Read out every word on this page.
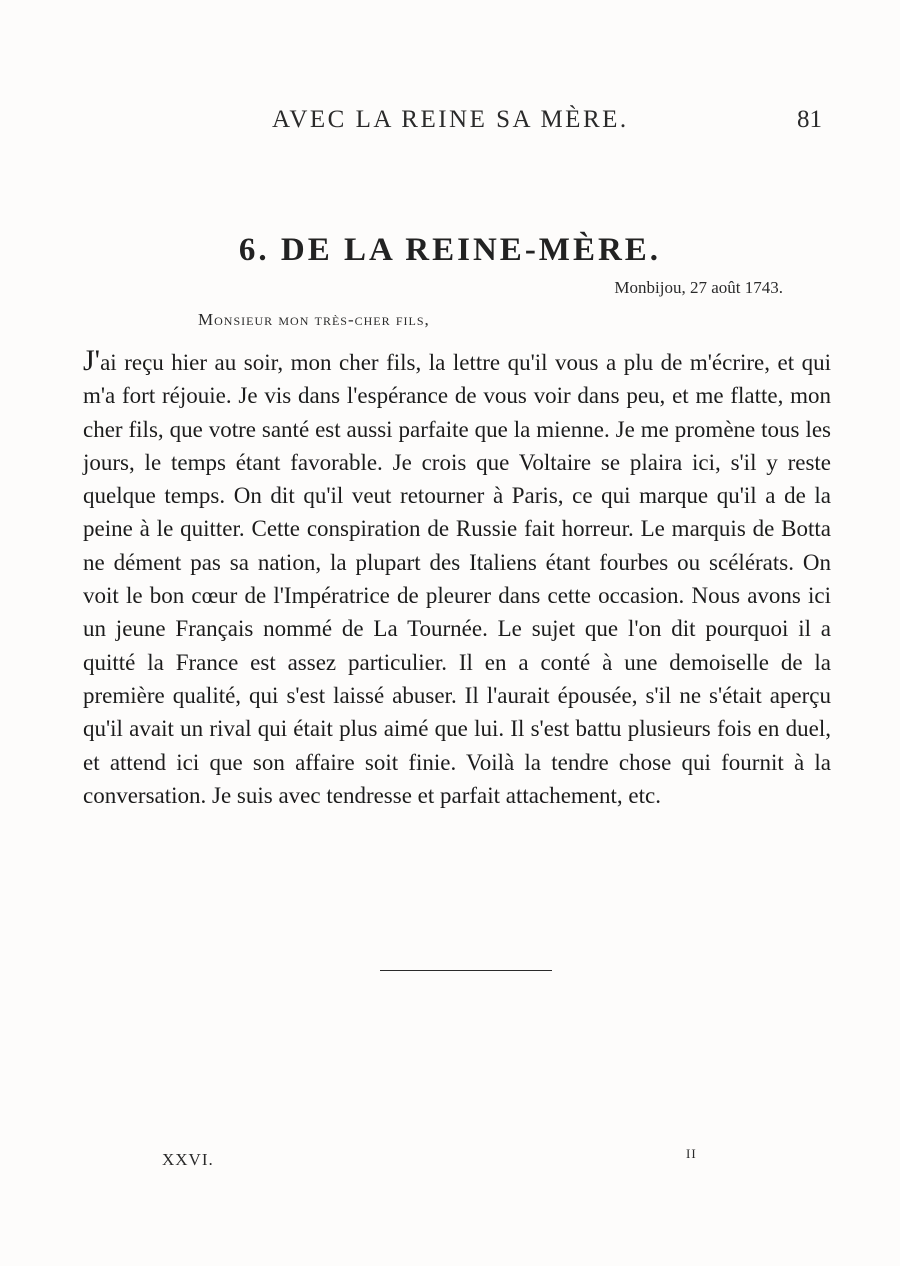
AVEC LA REINE SA MÈRE.	81
6. DE LA REINE-MÈRE.
Monbijou, 27 août 1743.
Monsieur mon très-cher fils,

J'ai reçu hier au soir, mon cher fils, la lettre qu'il vous a plu de m'écrire, et qui m'a fort réjouie. Je vis dans l'espérance de vous voir dans peu, et me flatte, mon cher fils, que votre santé est aussi parfaite que la mienne. Je me promène tous les jours, le temps étant favorable. Je crois que Voltaire se plaira ici, s'il y reste quelque temps. On dit qu'il veut retourner à Paris, ce qui marque qu'il a de la peine à le quitter. Cette conspiration de Russie fait horreur. Le marquis de Botta ne dément pas sa nation, la plupart des Italiens étant fourbes ou scélérats. On voit le bon cœur de l'Impératrice de pleurer dans cette occasion. Nous avons ici un jeune Français nommé de La Tournée. Le sujet que l'on dit pourquoi il a quitté la France est assez particulier. Il en a conté à une demoiselle de la première qualité, qui s'est laissé abuser. Il l'aurait épousée, s'il ne s'était aperçu qu'il avait un rival qui était plus aimé que lui. Il s'est battu plusieurs fois en duel, et attend ici que son affaire soit finie. Voilà la tendre chose qui fournit à la conversation. Je suis avec tendresse et parfait attachement, etc.

XXVI.	II
